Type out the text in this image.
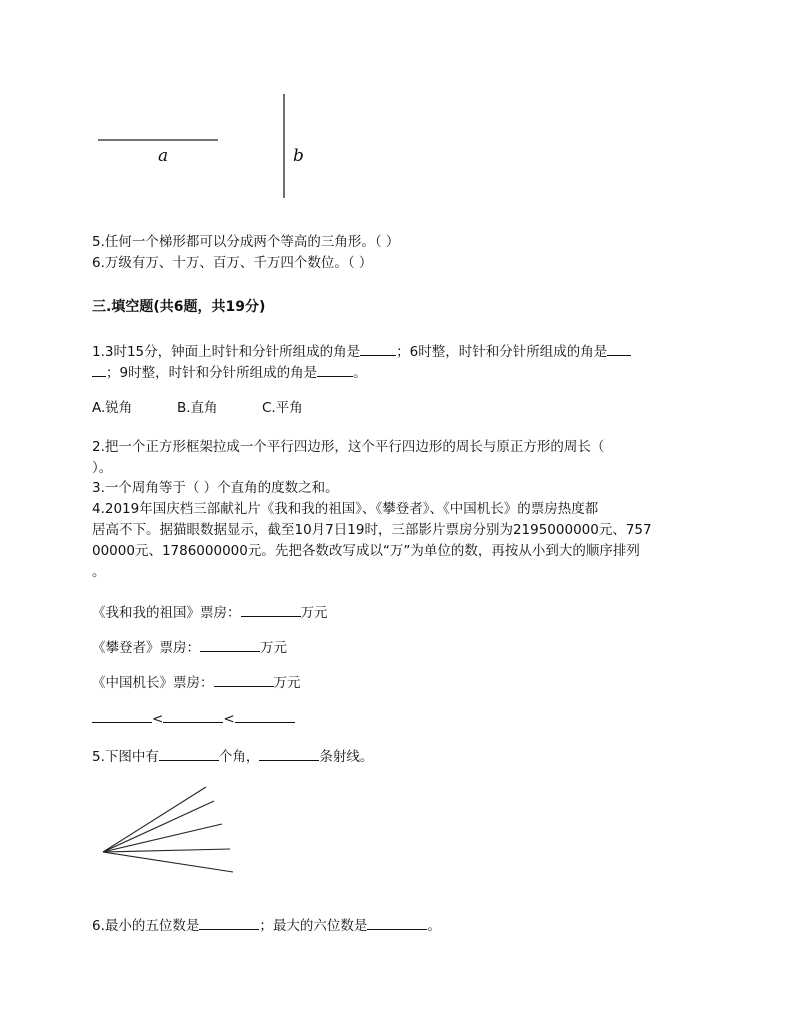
a	b
5.任何一个梯形都可以分成两个等高的三角形。（ ）
6.万级有万、十万、百万、千万四个数位。（ ）
三.填空题(共6题，共19分)
1.3时15分，钟面上时针和分针所组成的角是	；6时整，时针和分针所组成的角是
；9时整，时针和分针所组成的角是	。
A.锐角	B.直角	C.平角
2.把一个正方形框架拉成一个平行四边形，这个平行四边形的周长与原正方形的周长（
）。
3.一个周角等于（ ）个直角的度数之和。
4.2019年国庆档三部献礼片《我和我的祖国》、《攀登者》、《中国机长》的票房热度都
居高不下。据猫眼数据显示，截至10月7日19时，三部影片票房分别为2195000000元、757
00000元、1786000000元。先把各数改写成以“万”为单位的数，再按从小到大的顺序排列
。
《我和我的祖国》票房：	万元
《攀登者》票房：	万元
《中国机长》票房：	万元
<	<
5.下图中有	个角，	条射线。
6.最小的五位数是	；最大的六位数是	。
